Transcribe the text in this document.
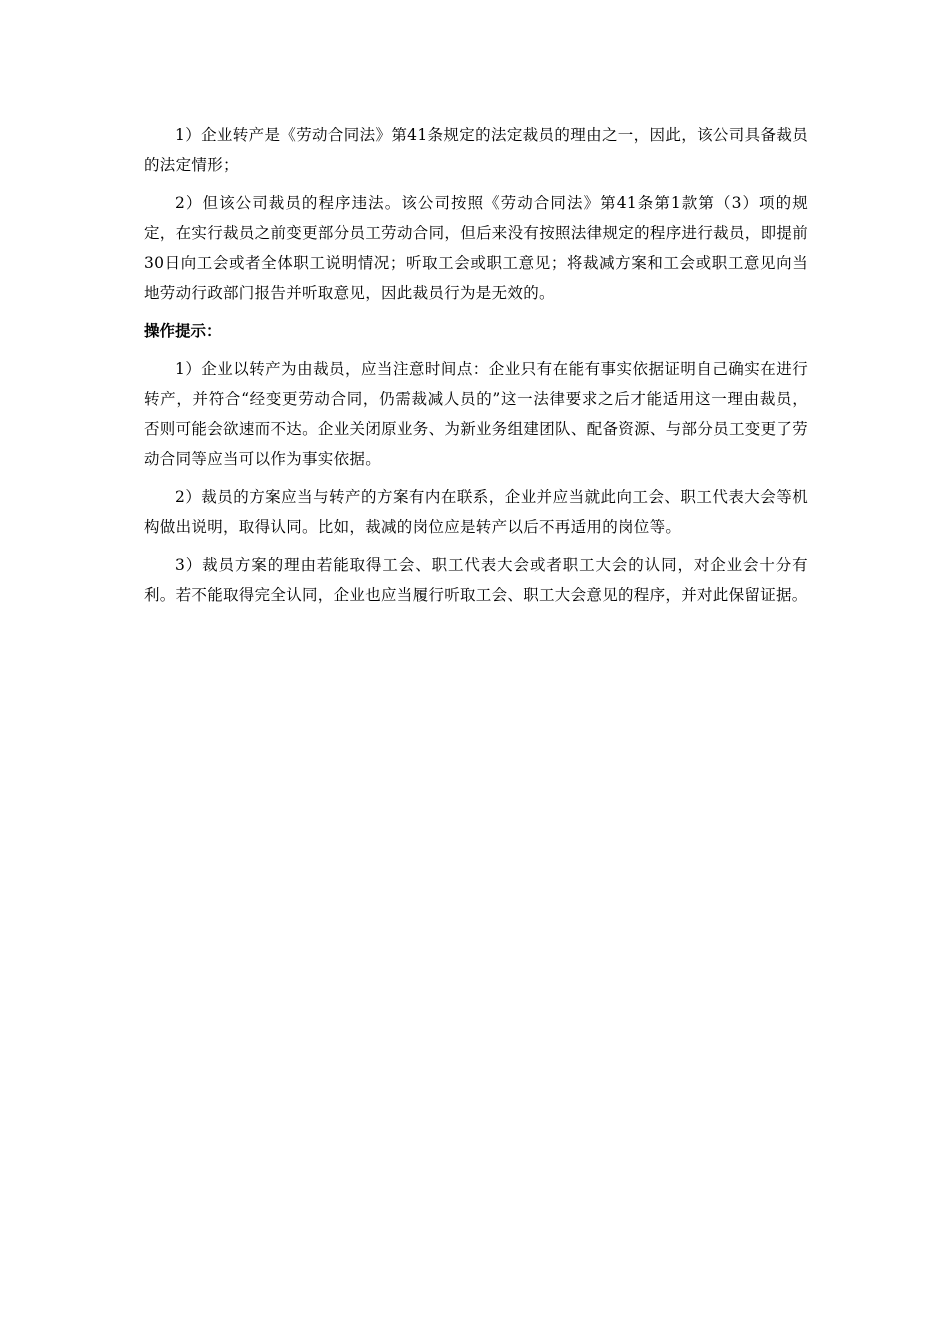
1）企业转产是《劳动合同法》第41条规定的法定裁员的理由之一，因此，该公司具备裁员的法定情形；

2）但该公司裁员的程序违法。该公司按照《劳动合同法》第41条第1款第（3）项的规定，在实行裁员之前变更部分员工劳动合同，但后来没有按照法律规定的程序进行裁员，即提前30日向工会或者全体职工说明情况；听取工会或职工意见；将裁减方案和工会或职工意见向当地劳动行政部门报告并听取意见，因此裁员行为是无效的。

操作提示：

1）企业以转产为由裁员，应当注意时间点：企业只有在能有事实依据证明自己确实在进行转产，并符合“经变更劳动合同，仍需裁减人员的”这一法律要求之后才能适用这一理由裁员，否则可能会欲速而不达。企业关闭原业务、为新业务组建团队、配备资源、与部分员工变更了劳动合同等应当可以作为事实依据。

2）裁员的方案应当与转产的方案有内在联系，企业并应当就此向工会、职工代表大会等机构做出说明，取得认同。比如，裁减的岗位应是转产以后不再适用的岗位等。

3）裁员方案的理由若能取得工会、职工代表大会或者职工大会的认同，对企业会十分有利。若不能取得完全认同，企业也应当履行听取工会、职工大会意见的程序，并对此保留证据。
